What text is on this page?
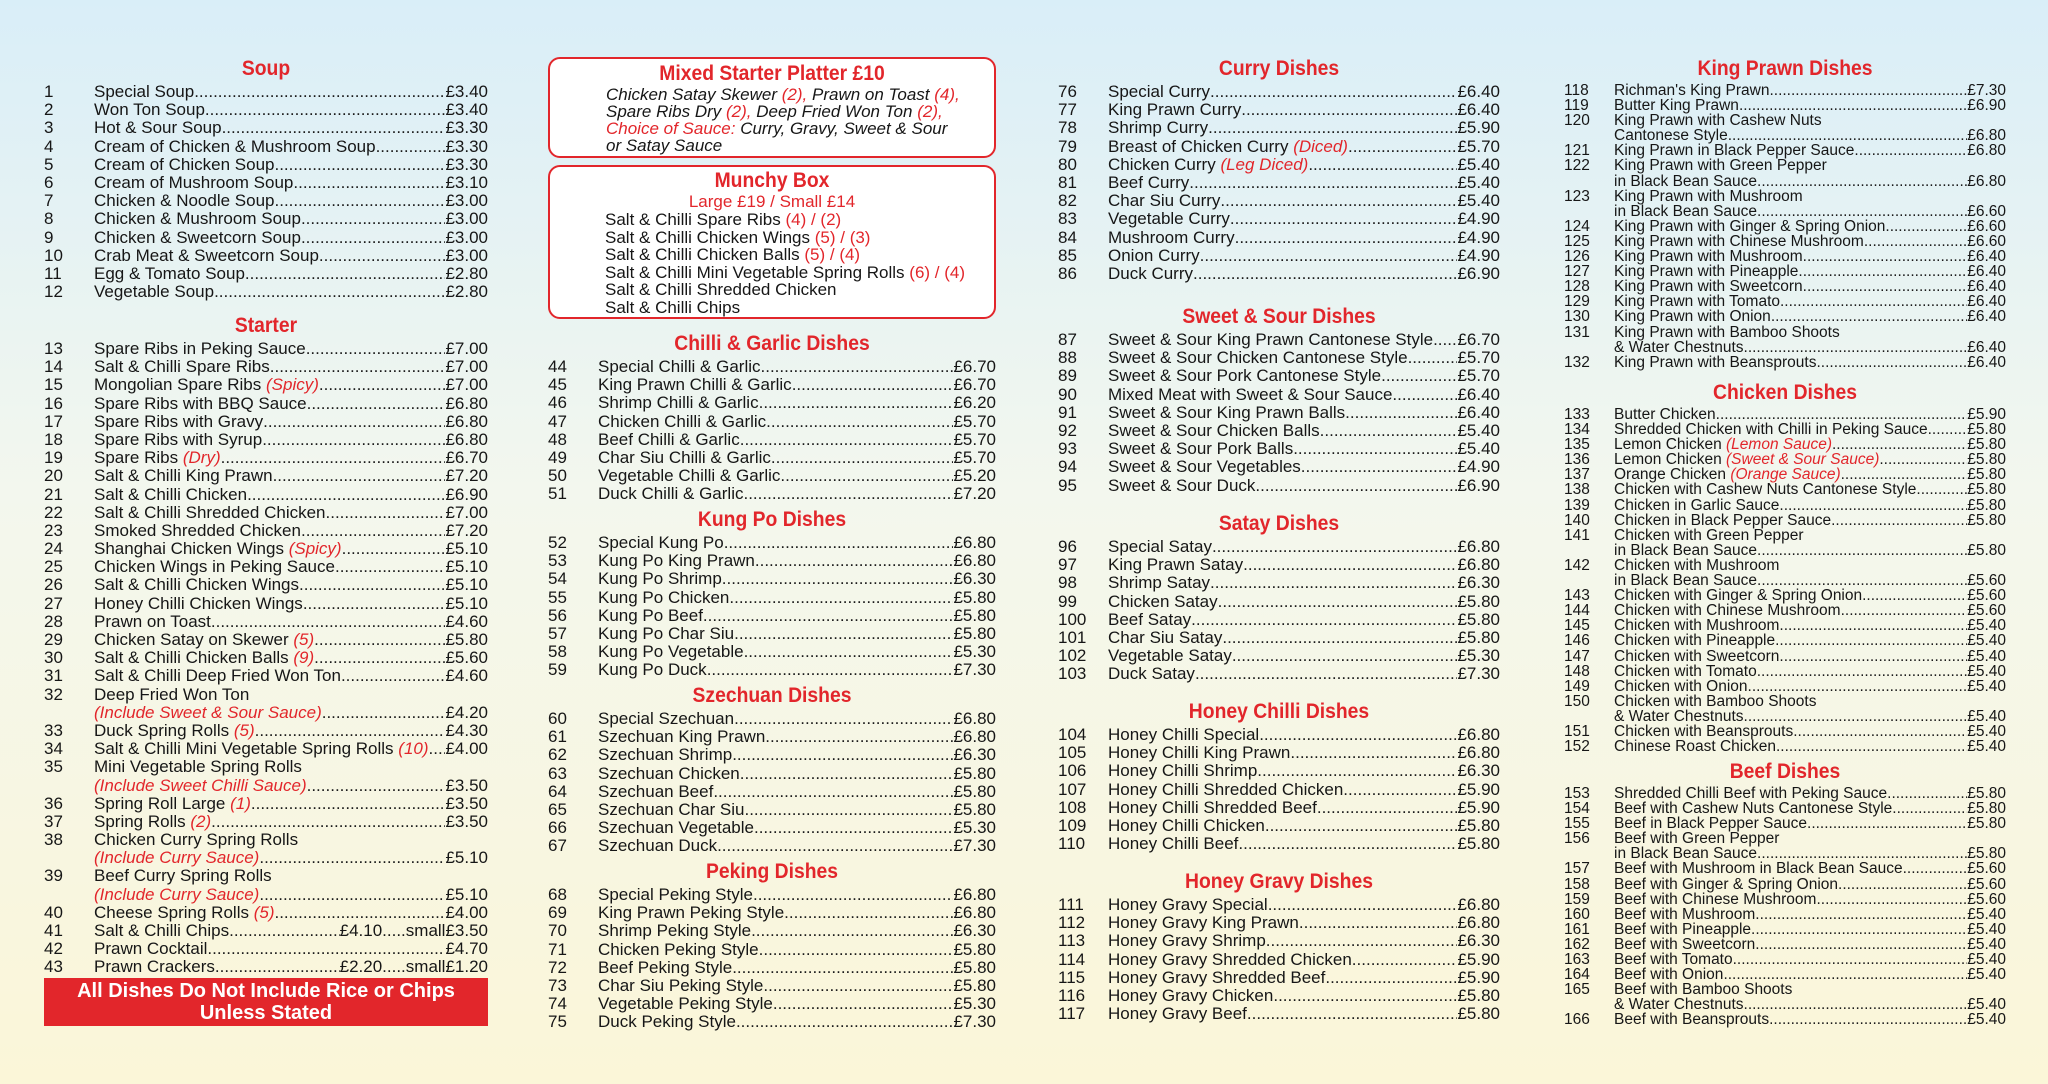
Soup
1	Special Soup .....	£3.40
2	Won Ton Soup .....	£3.40
3	Hot & Sour Soup .....	£3.30
4	Cream of Chicken & Mushroom Soup .....	£3.30
5	Cream of Chicken Soup .....	£3.30
6	Cream of Mushroom Soup .....	£3.10
7	Chicken & Noodle Soup .....	£3.00
8	Chicken & Mushroom Soup .....	£3.00
9	Chicken & Sweetcorn Soup .....	£3.00
10	Crab Meat & Sweetcorn Soup .....	£3.00
11	Egg & Tomato Soup .....	£2.80
12	Vegetable Soup .....	£2.80
Starter
13	Spare Ribs in Peking Sauce .....	£7.00
14	Salt & Chilli Spare Ribs .....	£7.00
15	Mongolian Spare Ribs
(Spicy) .....	£7.00
16	Spare Ribs with BBQ Sauce .....	£6.80
17	Spare Ribs with Gravy .....	£6.80
18	Spare Ribs with Syrup .....	£6.80
19	Spare Ribs
(Dry) .....	£6.70
20	Salt & Chilli King Prawn .....	£7.20
21	Salt & Chilli Chicken .....	£6.90
22	Salt & Chilli Shredded Chicken .....	£7.00
23	Smoked Shredded Chicken .....	£7.20
24	Shanghai Chicken Wings
(Spicy) .....	£5.10
25	Chicken Wings in Peking Sauce .....	£5.10
26	Salt & Chilli Chicken Wings .....	£5.10
27	Honey Chilli Chicken Wings .....	£5.10
28	Prawn on Toast .....	£4.60
29	Chicken Satay on Skewer
(5) .....	£5.80
30	Salt & Chilli Chicken Balls
(9) .....	£5.60
31	Salt & Chilli Deep Fried Won Ton .....	£4.60
32	Deep Fried Won Ton
(Include Sweet & Sour Sauce) .....	£4.20
33	Duck Spring Rolls
(5) .....	£4.30
34	Salt & Chilli Mini Vegetable Spring Rolls
(10) ..... £4.00
35	Mini Vegetable Spring Rolls
(Include Sweet Chilli Sauce) .....	£3.50
36	Spring Roll Large
(1) .....	£3.50
37	Spring Rolls
(2) .....	£3.50
38	Chicken Curry Spring Rolls
(Include Curry Sauce) .....	£5.10
39	Beef Curry Spring Rolls
(Include Curry Sauce) .....	£5.10
40	Cheese Spring Rolls
(5) .....	£4.00
41	Salt & Chilli Chips .....	£4.10.....small £3.50
42	Prawn Cocktail .....	£4.70
43	Prawn Crackers .....	£2.20.....small £1.20
All Dishes Do Not Include Rice or Chips
Unless Stated
Mixed Starter Platter £10
Chicken Satay Skewer (2), Prawn on Toast (4),
Spare Ribs Dry (2), Deep Fried Won Ton (2),
Choice of Sauce: Curry, Gravy, Sweet & Sour
or Satay Sauce
Munchy Box
Large £19 / Small £14
Salt & Chilli Spare Ribs (4) / (2)
Salt & Chilli Chicken Wings (5) / (3)
Salt & Chilli Chicken Balls (5) / (4)
Salt & Chilli Mini Vegetable Spring Rolls (6) / (4)
Salt & Chilli Shredded Chicken
Salt & Chilli Chips
Chilli & Garlic Dishes
44	Special Chilli & Garlic .....	£6.70
45	King Prawn Chilli & Garlic .....	£6.70
46	Shrimp Chilli & Garlic .....	£6.20
47	Chicken Chilli & Garlic .....	£5.70
48	Beef Chilli & Garlic .....	£5.70
49	Char Siu Chilli & Garlic .....	£5.70
50	Vegetable Chilli & Garlic .....	£5.20
51	Duck Chilli & Garlic .....	£7.20
Kung Po Dishes
52	Special Kung Po .....	£6.80
53	Kung Po King Prawn .....	£6.80
54	Kung Po Shrimp .....	£6.30
55	Kung Po Chicken .....	£5.80
56	Kung Po Beef .....	£5.80
57	Kung Po Char Siu .....	£5.80
58	Kung Po Vegetable .....	£5.30
59	Kung Po Duck .....	£7.30
Szechuan Dishes
60	Special Szechuan .....	£6.80
61	Szechuan King Prawn .....	£6.80
62	Szechuan Shrimp .....	£6.30
63	Szechuan Chicken .....	£5.80
64	Szechuan Beef .....	£5.80
65	Szechuan Char Siu .....	£5.80
66	Szechuan Vegetable .....	£5.30
67	Szechuan Duck .....	£7.30
Peking Dishes
68	Special Peking Style .....	£6.80
69	King Prawn Peking Style .....	£6.80
70	Shrimp Peking Style .....	£6.30
71	Chicken Peking Style .....	£5.80
72	Beef Peking Style .....	£5.80
73	Char Siu Peking Style .....	£5.80
74	Vegetable Peking Style .....	£5.30
75	Duck Peking Style .....	£7.30
Curry Dishes
76	Special Curry .....	£6.40
77	King Prawn Curry .....	£6.40
78	Shrimp Curry .....	£5.90
79	Breast of Chicken Curry
(Diced) .....	£5.70
80	Chicken Curry
(Leg Diced) .....	£5.40
81	Beef Curry .....	£5.40
82	Char Siu Curry .....	£5.40
83	Vegetable Curry .....	£4.90
84	Mushroom Curry .....	£4.90
85	Onion Curry .....	£4.90
86	Duck Curry .....	£6.90
Sweet & Sour Dishes
87	Sweet & Sour King Prawn Cantonese Style ..... £6.70
88	Sweet & Sour Chicken Cantonese Style .....	£5.70
89	Sweet & Sour Pork Cantonese Style .....	£5.70
90	Mixed Meat with Sweet & Sour Sauce .....	£6.40
91	Sweet & Sour King Prawn Balls .....	£6.40
92	Sweet & Sour Chicken Balls .....	£5.40
93	Sweet & Sour Pork Balls .....	£5.40
94	Sweet & Sour Vegetables .....	£4.90
95	Sweet & Sour Duck .....	£6.90
Satay Dishes
96	Special Satay .....	£6.80
97	King Prawn Satay .....	£6.80
98	Shrimp Satay .....	£6.30
99	Chicken Satay .....	£5.80
100	Beef Satay .....	£5.80
101	Char Siu Satay .....	£5.80
102	Vegetable Satay .....	£5.30
103	Duck Satay .....	£7.30
Honey Chilli Dishes
104	Honey Chilli Special .....	£6.80
105	Honey Chilli King Prawn .....	£6.80
106	Honey Chilli Shrimp .....	£6.30
107	Honey Chilli Shredded Chicken .....	£5.90
108	Honey Chilli Shredded Beef .....	£5.90
109	Honey Chilli Chicken .....	£5.80
110	Honey Chilli Beef .....	£5.80
Honey Gravy Dishes
111	Honey Gravy Special .....	£6.80
112	Honey Gravy King Prawn .....	£6.80
113	Honey Gravy Shrimp .....	£6.30
114	Honey Gravy Shredded Chicken .....	£5.90
115	Honey Gravy Shredded Beef .....	£5.90
116	Honey Gravy Chicken .....	£5.80
117	Honey Gravy Beef .....	£5.80
King Prawn Dishes
118	Richman's King Prawn .....	£7.30
119	Butter King Prawn .....	£6.90
120	King Prawn with Cashew Nuts
Cantonese Style .....	£6.80
121	King Prawn in Black Pepper Sauce .....	£6.80
122	King Prawn with Green Pepper
in Black Bean Sauce .....	£6.80
123	King Prawn with Mushroom
in Black Bean Sauce .....	£6.60
124	King Prawn with Ginger & Spring Onion .....	£6.60
125	King Prawn with Chinese Mushroom .....	£6.60
126	King Prawn with Mushroom .....	£6.40
127	King Prawn with Pineapple .....	£6.40
128	King Prawn with Sweetcorn .....	£6.40
129	King Prawn with Tomato .....	£6.40
130	King Prawn with Onion .....	£6.40
131	King Prawn with Bamboo Shoots
& Water Chestnuts .....	£6.40
132	King Prawn with Beansprouts .....	£6.40
Chicken Dishes
133	Butter Chicken .....	£5.90
134	Shredded Chicken with Chilli in Peking Sauce .....	£5.80
135	Lemon Chicken
(Lemon Sauce) .....	£5.80
136	Lemon Chicken
(Sweet & Sour Sauce) .....	£5.80
137	Orange Chicken
(Orange Sauce) .....	£5.80
138	Chicken with Cashew Nuts Cantonese Style .....	£5.80
139	Chicken in Garlic Sauce .....	£5.80
140	Chicken in Black Pepper Sauce .....	£5.80
141	Chicken with Green Pepper
in Black Bean Sauce .....	£5.80
142	Chicken with Mushroom
in Black Bean Sauce .....	£5.60
143	Chicken with Ginger & Spring Onion .....	£5.60
144	Chicken with Chinese Mushroom .....	£5.60
145	Chicken with Mushroom .....	£5.40
146	Chicken with Pineapple .....	£5.40
147	Chicken with Sweetcorn .....	£5.40
148	Chicken with Tomato .....	£5.40
149	Chicken with Onion .....	£5.40
150	Chicken with Bamboo Shoots
& Water Chestnuts .....	£5.40
151	Chicken with Beansprouts .....	£5.40
152	Chinese Roast Chicken .....	£5.40
Beef Dishes
153	Shredded Chilli Beef with Peking Sauce .....	£5.80
154	Beef with Cashew Nuts Cantonese Style .....	£5.80
155	Beef in Black Pepper Sauce .....	£5.80
156	Beef with Green Pepper
in Black Bean Sauce .....	£5.80
157	Beef with Mushroom in Black Bean Sauce .....	£5.60
158	Beef with Ginger & Spring Onion .....	£5.60
159	Beef with Chinese Mushroom .....	£5.60
160	Beef with Mushroom .....	£5.40
161	Beef with Pineapple .....	£5.40
162	Beef with Sweetcorn .....	£5.40
163	Beef with Tomato .....	£5.40
164	Beef with Onion .....	£5.40
165	Beef with Bamboo Shoots
& Water Chestnuts .....	£5.40
166	Beef with Beansprouts .....	£5.40
